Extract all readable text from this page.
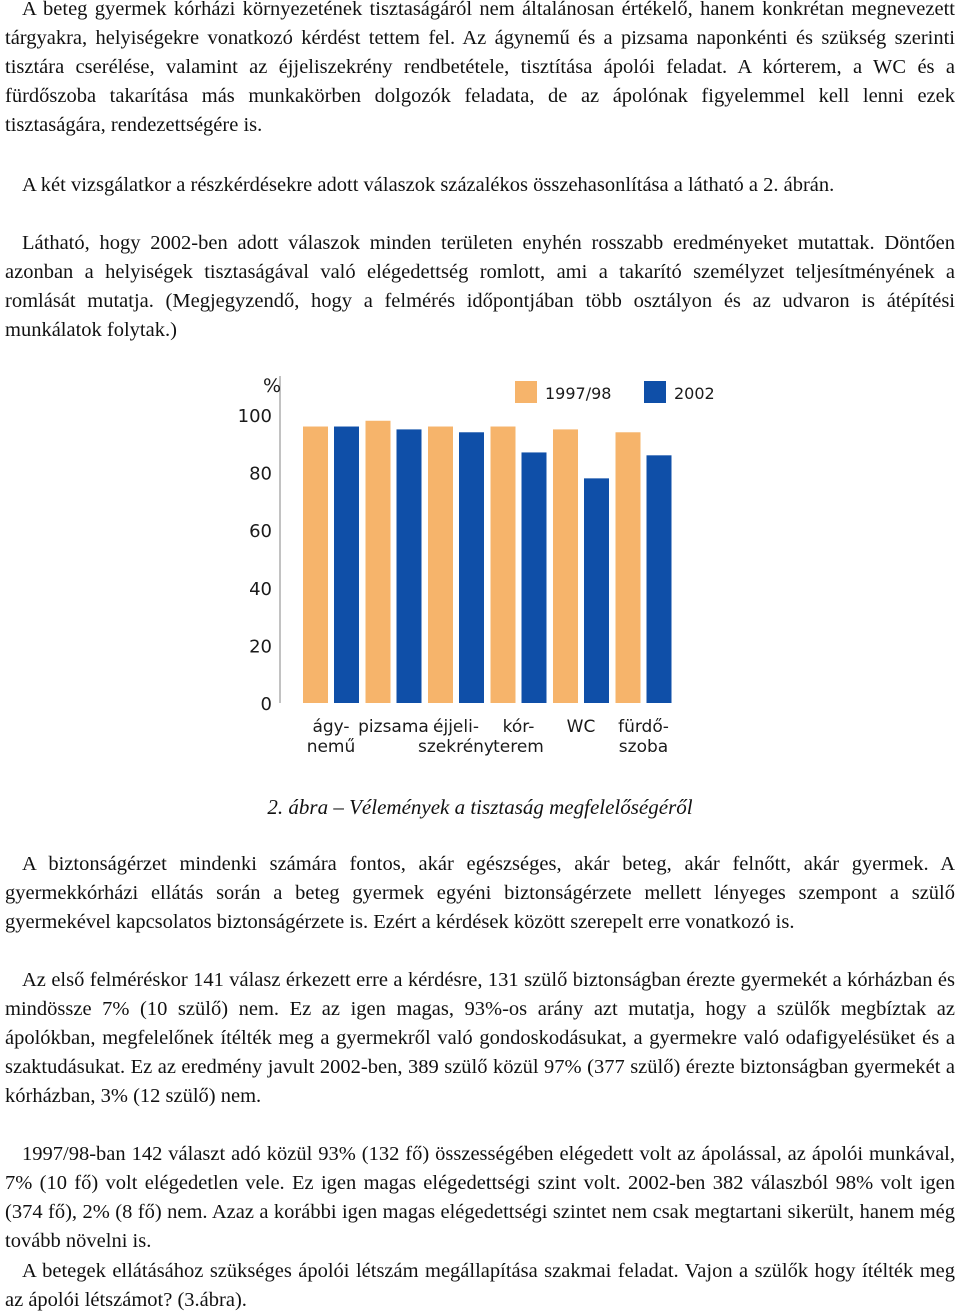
A beteg gyermek kórházi környezetének tisztaságáról nem általánosan értékelő, hanem konkrétan megnevezett tárgyakra, helyiségekre vonatkozó kérdést tettem fel. Az ágynemű és a pizsama naponkénti és szükség szerinti tisztára cserélése, valamint az éjjeliszekrény rendbetétele, tisztítása ápolói feladat. A kórterem, a WC és a fürdőszoba takarítása más munkakörben dolgozók feladata, de az ápolónak figyelemmel kell lenni ezek tisztaságára, rendezettségére is.

A két vizsgálatkor a részkérdésekre adott válaszok százalékos összehasonlítása a látható a 2. ábrán.

Látható, hogy 2002-ben adott válaszok minden területen enyhén rosszabb eredményeket mutattak. Döntően azonban a helyiségek tisztaságával való elégedettség romlott, ami a takarító személyzet teljesítményének a romlását mutatja. (Megjegyzendő, hogy a felmérés időpontjában több osztályon és az udvaron is átépítési munkálatok folytak.)

%
0
20
40
60
80
100
ágy-
nemű
pizsama éjjeli-
szekrény
kór-
terem
WC fürdő-
szoba
1997/98	2002

2. ábra – Vélemények a tisztaság megfelelőségéről

A biztonságérzet mindenki számára fontos, akár egészséges, akár beteg, akár felnőtt, akár gyermek. A gyermekkórházi ellátás során a beteg gyermek egyéni biztonságérzete mellett lényeges szempont a szülő gyermekével kapcsolatos biztonságérzete is. Ezért a kérdések között szerepelt erre vonatkozó is.

Az első felméréskor 141 válasz érkezett erre a kérdésre, 131 szülő biztonságban érezte gyermekét a kórházban és mindössze 7% (10 szülő) nem. Ez az igen magas, 93%-os arány azt mutatja, hogy a szülők megbíztak az ápolókban, megfelelőnek ítélték meg a gyermekről való gondoskodásukat, a gyermekre való odafigyelésüket és a szaktudásukat. Ez az eredmény javult 2002-ben, 389 szülő közül 97% (377 szülő) érezte biztonságban gyermekét a kórházban, 3% (12 szülő) nem.

1997/98-ban 142 választ adó közül 93% (132 fő) összességében elégedett volt az ápolással, az ápolói munkával, 7% (10 fő) volt elégedetlen vele. Ez igen magas elégedettségi szint volt. 2002-ben 382 válaszból 98% volt igen (374 fő), 2% (8 fő) nem. Azaz a korábbi igen magas elégedettségi szintet nem csak megtartani sikerült, hanem még tovább növelni is.

A betegek ellátásához szükséges ápolói létszám megállapítása szakmai feladat. Vajon a szülők hogy ítélték meg az ápolói létszámot? (3.ábra).
